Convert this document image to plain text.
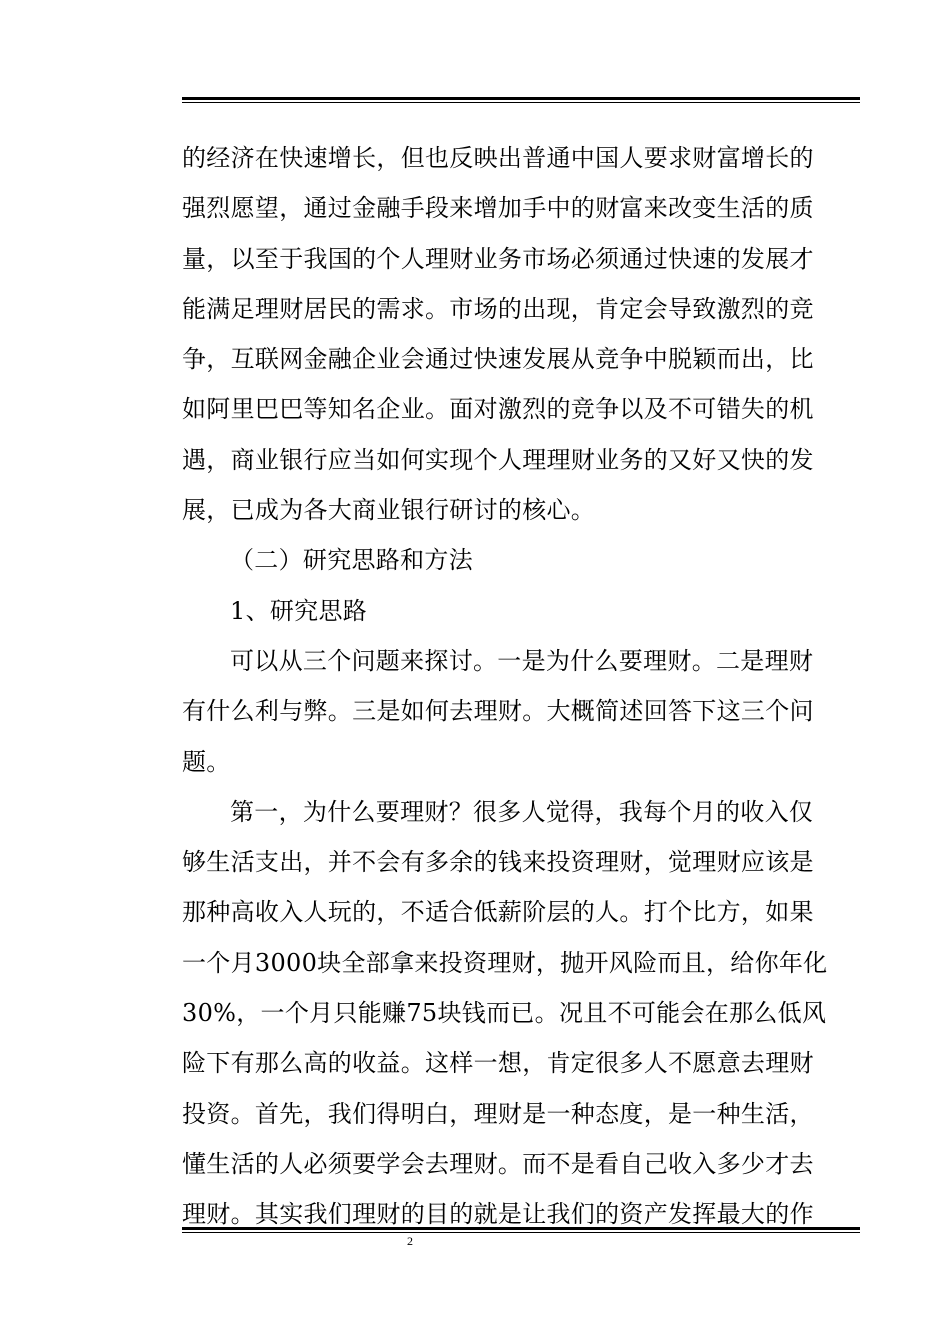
的经济在快速增长，但也反映出普通中国人要求财富增长的

强烈愿望，通过金融手段来增加手中的财富来改变生活的质

量，以至于我国的个人理财业务市场必须通过快速的发展才

能满足理财居民的需求。市场的出现，肯定会导致激烈的竞

争，互联网金融企业会通过快速发展从竞争中脱颖而出，比

如阿里巴巴等知名企业。面对激烈的竞争以及不可错失的机

遇，商业银行应当如何实现个人理理财业务的又好又快的发

展，已成为各大商业银行研讨的核心。

（二）研究思路和方法

1、研究思路

可以从三个问题来探讨。一是为什么要理财。二是理财

有什么利与弊。三是如何去理财。大概简述回答下这三个问

题。

第一，为什么要理财？很多人觉得，我每个月的收入仅

够生活支出，并不会有多余的钱来投资理财，觉理财应该是

那种高收入人玩的，不适合低薪阶层的人。打个比方，如果

一个月3000块全部拿来投资理财，抛开风险而且，给你年化

30%，一个月只能赚75块钱而已。况且不可能会在那么低风

险下有那么高的收益。这样一想，肯定很多人不愿意去理财

投资。首先，我们得明白，理财是一种态度，是一种生活，

懂生活的人必须要学会去理财。而不是看自己收入多少才去

理财。其实我们理财的目的就是让我们的资产发挥最大的作

2
